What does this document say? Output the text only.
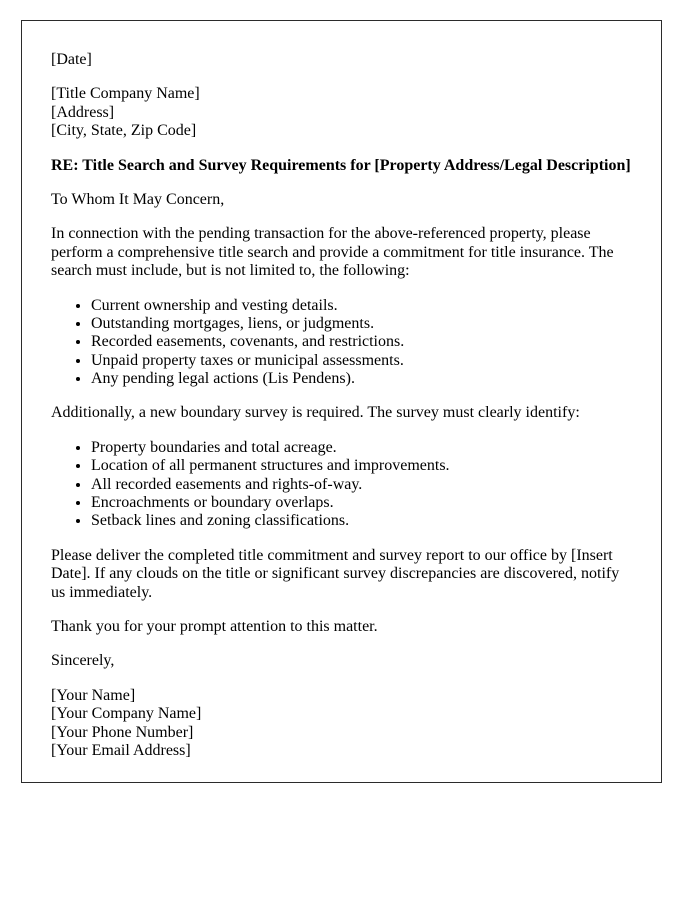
[Date]

[Title Company Name]
[Address]
[City, State, Zip Code]

RE: Title Search and Survey Requirements for [Property Address/Legal Description]

To Whom It May Concern,

In connection with the pending transaction for the above-referenced property, please perform a comprehensive title search and provide a commitment for title insurance. The search must include, but is not limited to, the following:

• Current ownership and vesting details.
• Outstanding mortgages, liens, or judgments.
• Recorded easements, covenants, and restrictions.
• Unpaid property taxes or municipal assessments.
• Any pending legal actions (Lis Pendens).

Additionally, a new boundary survey is required. The survey must clearly identify:

• Property boundaries and total acreage.
• Location of all permanent structures and improvements.
• All recorded easements and rights-of-way.
• Encroachments or boundary overlaps.
• Setback lines and zoning classifications.

Please deliver the completed title commitment and survey report to our office by [Insert Date]. If any clouds on the title or significant survey discrepancies are discovered, notify us immediately.

Thank you for your prompt attention to this matter.

Sincerely,

[Your Name]
[Your Company Name]
[Your Phone Number]
[Your Email Address]
